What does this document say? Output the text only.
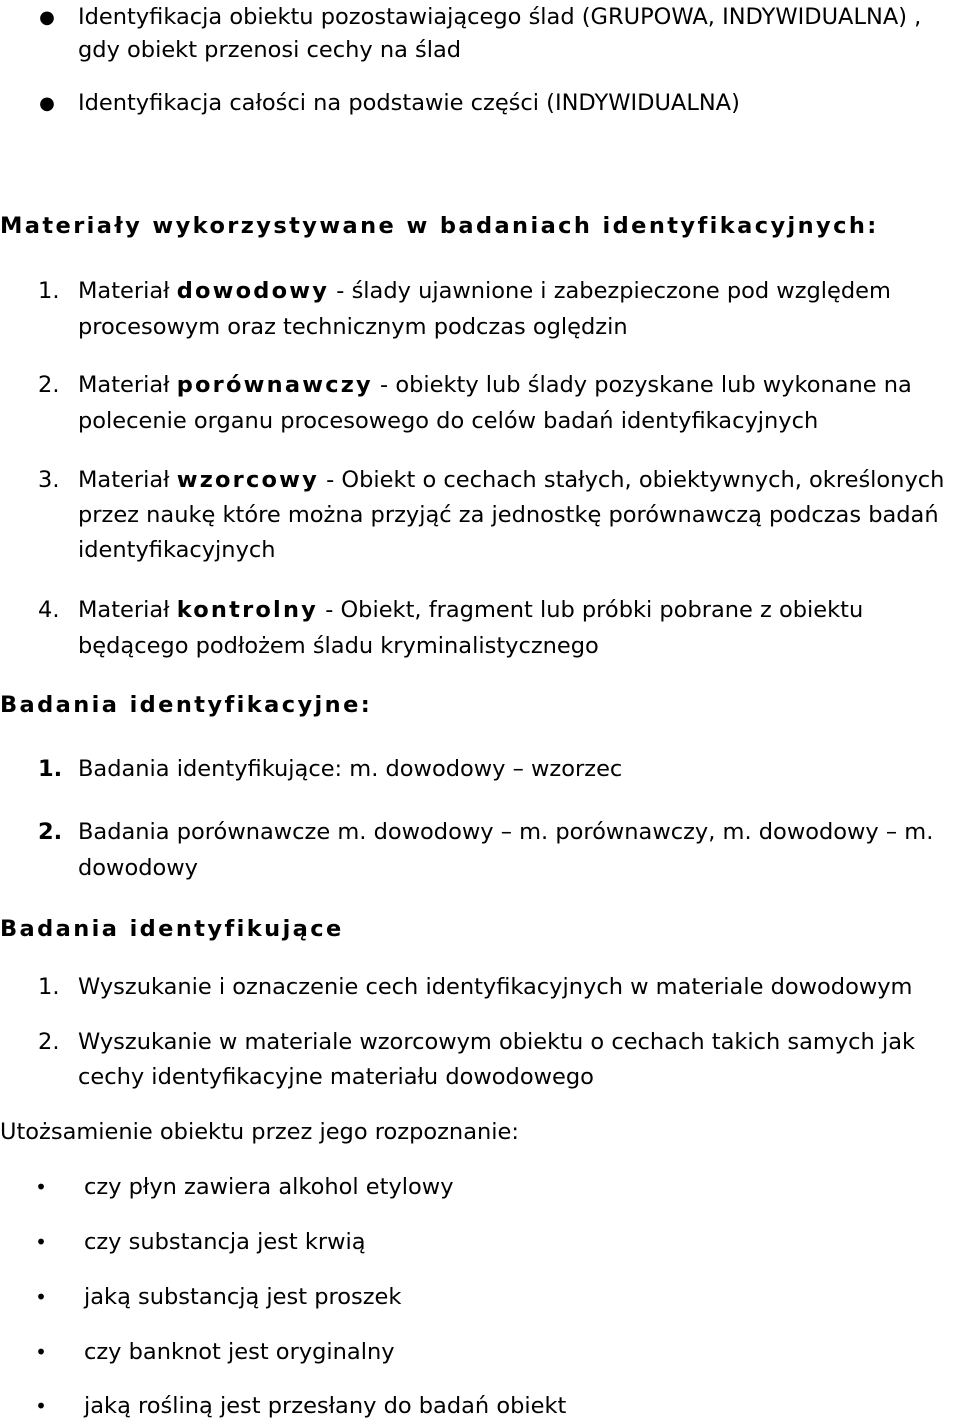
● Identyfikacja obiektu pozostawiającego ślad (GRUPOWA, INDYWIDUALNA) ,
gdy obiekt przenosi cechy na ślad
● Identyfikacja całości na podstawie części (INDYWIDUALNA)
Materiały wykorzystywane w badaniach identyfikacyjnych:
1. Materiał dowodowy - ślady ujawnione i zabezpieczone pod względem
procesowym oraz technicznym podczas oględzin
2. Materiał porównawczy - obiekty lub ślady pozyskane lub wykonane na
polecenie organu procesowego do celów badań identyfikacyjnych
3. Materiał wzorcowy - Obiekt o cechach stałych, obiektywnych, określonych
przez naukę które można przyjąć za jednostkę porównawczą podczas badań
identyfikacyjnych
4. Materiał kontrolny - Obiekt, fragment lub próbki pobrane z obiektu
będącego podłożem śladu kryminalistycznego
Badania identyfikacyjne:
1. Badania identyfikujące: m. dowodowy – wzorzec
2. Badania porównawcze m. dowodowy – m. porównawczy, m. dowodowy – m.
dowodowy
Badania identyfikujące
1. Wyszukanie i oznaczenie cech identyfikacyjnych w materiale dowodowym
2. Wyszukanie w materiale wzorcowym obiektu o cechach takich samych jak
cechy identyfikacyjne materiału dowodowego
Utożsamienie obiektu przez jego rozpoznanie:
• czy płyn zawiera alkohol etylowy
• czy substancja jest krwią
• jaką substancją jest proszek
• czy banknot jest oryginalny
• jaką rośliną jest przesłany do badań obiekt
